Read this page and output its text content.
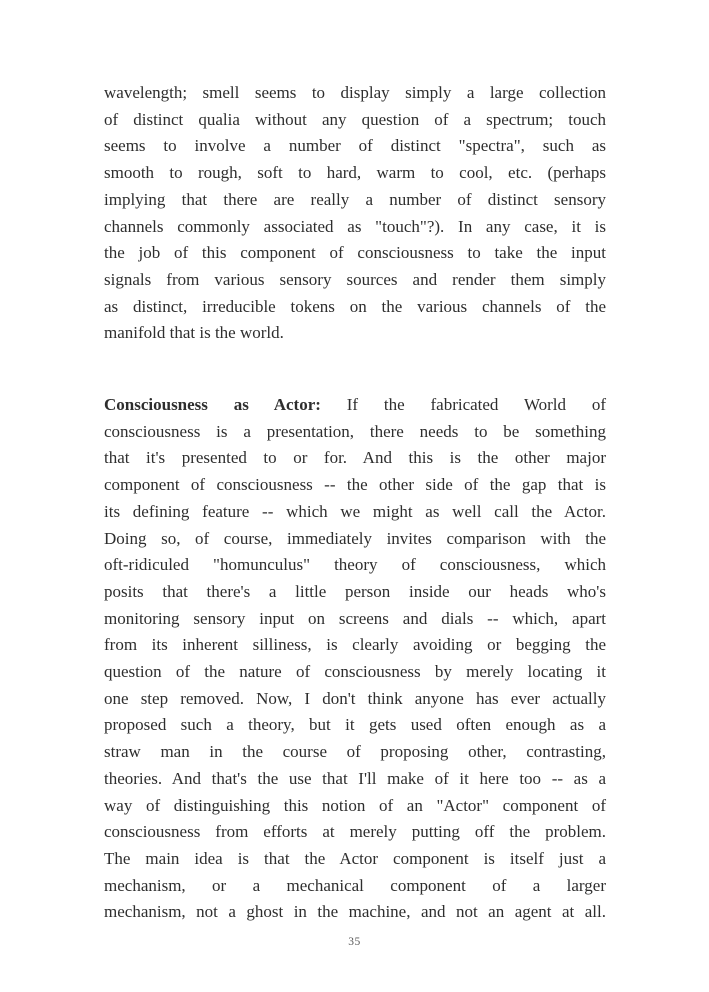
wavelength; smell seems to display simply a large collection
of distinct qualia without any question of a spectrum; touch
seems to involve a number of distinct "spectra", such as
smooth to rough, soft to hard, warm to cool, etc. (perhaps
implying that there are really a number of distinct sensory
channels commonly associated as "touch"?). In any case, it is
the job of this component of consciousness to take the input
signals from various sensory sources and render them simply
as distinct, irreducible tokens on the various channels of the
manifold that is the world.
Consciousness as Actor: If the fabricated World of
consciousness is a presentation, there needs to be something
that it's presented to or for. And this is the other major
component of consciousness -- the other side of the gap that is
its defining feature -- which we might as well call the Actor.
Doing so, of course, immediately invites comparison with the
oft-ridiculed "homunculus" theory of consciousness, which
posits that there's a little person inside our heads who's
monitoring sensory input on screens and dials -- which, apart
from its inherent silliness, is clearly avoiding or begging the
question of the nature of consciousness by merely locating it
one step removed. Now, I don't think anyone has ever actually
proposed such a theory, but it gets used often enough as a
straw man in the course of proposing other, contrasting,
theories. And that's the use that I'll make of it here too -- as a
way of distinguishing this notion of an "Actor" component of
consciousness from efforts at merely putting off the problem.
The main idea is that the Actor component is itself just a
mechanism, or a mechanical component of a larger
mechanism, not a ghost in the machine, and not an agent at all.
35
